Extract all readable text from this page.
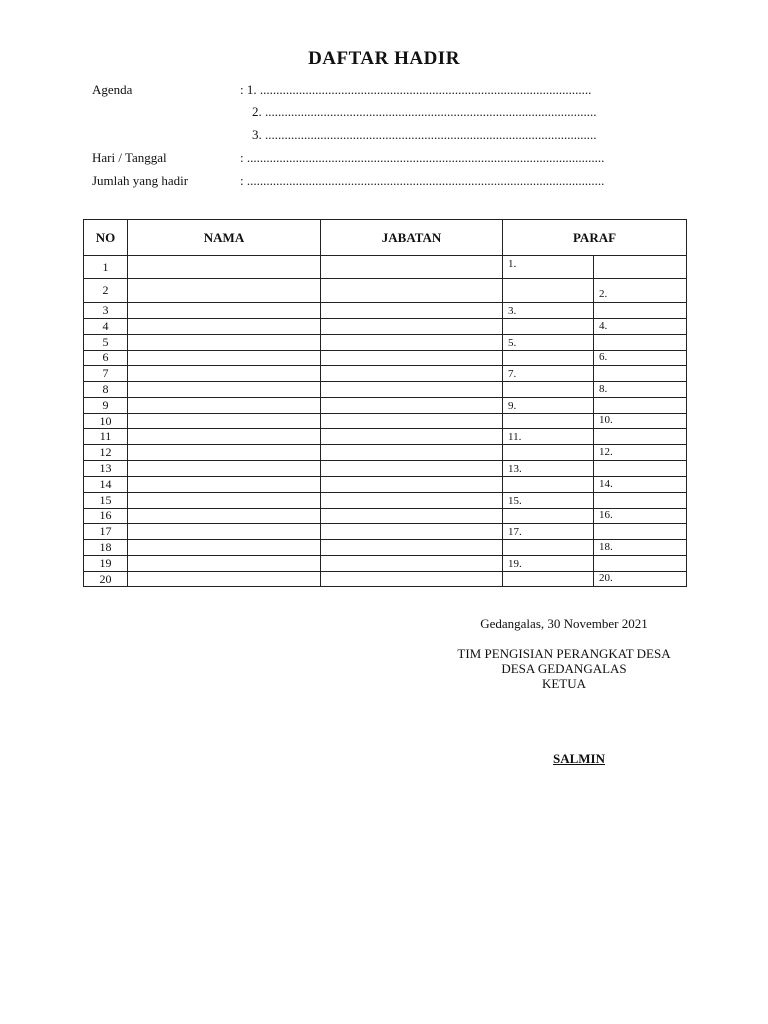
DAFTAR HADIR
Agenda	: 1. ......................................................................................................
2. ......................................................................................................
3. ......................................................................................................
Hari / Tanggal	: ..............................................................................................................
Jumlah yang hadir	: ..............................................................................................................
NO	NAMA	JABATAN	PARAF	
1			1.	
2				2.
3			3.	
4				4.
5			5.	
6				6.
7			7.	
8				8.
9			9.	
10				10.
11			11.	
12				12.
13			13.	
14				14.
15			15.	
16				16.
17			17.	
18				18.
19			19.	
20				20.
Gedangalas, 30 November 2021
TIM PENGISIAN PERANGKAT DESA
DESA GEDANGALAS
KETUA
SALMIN
